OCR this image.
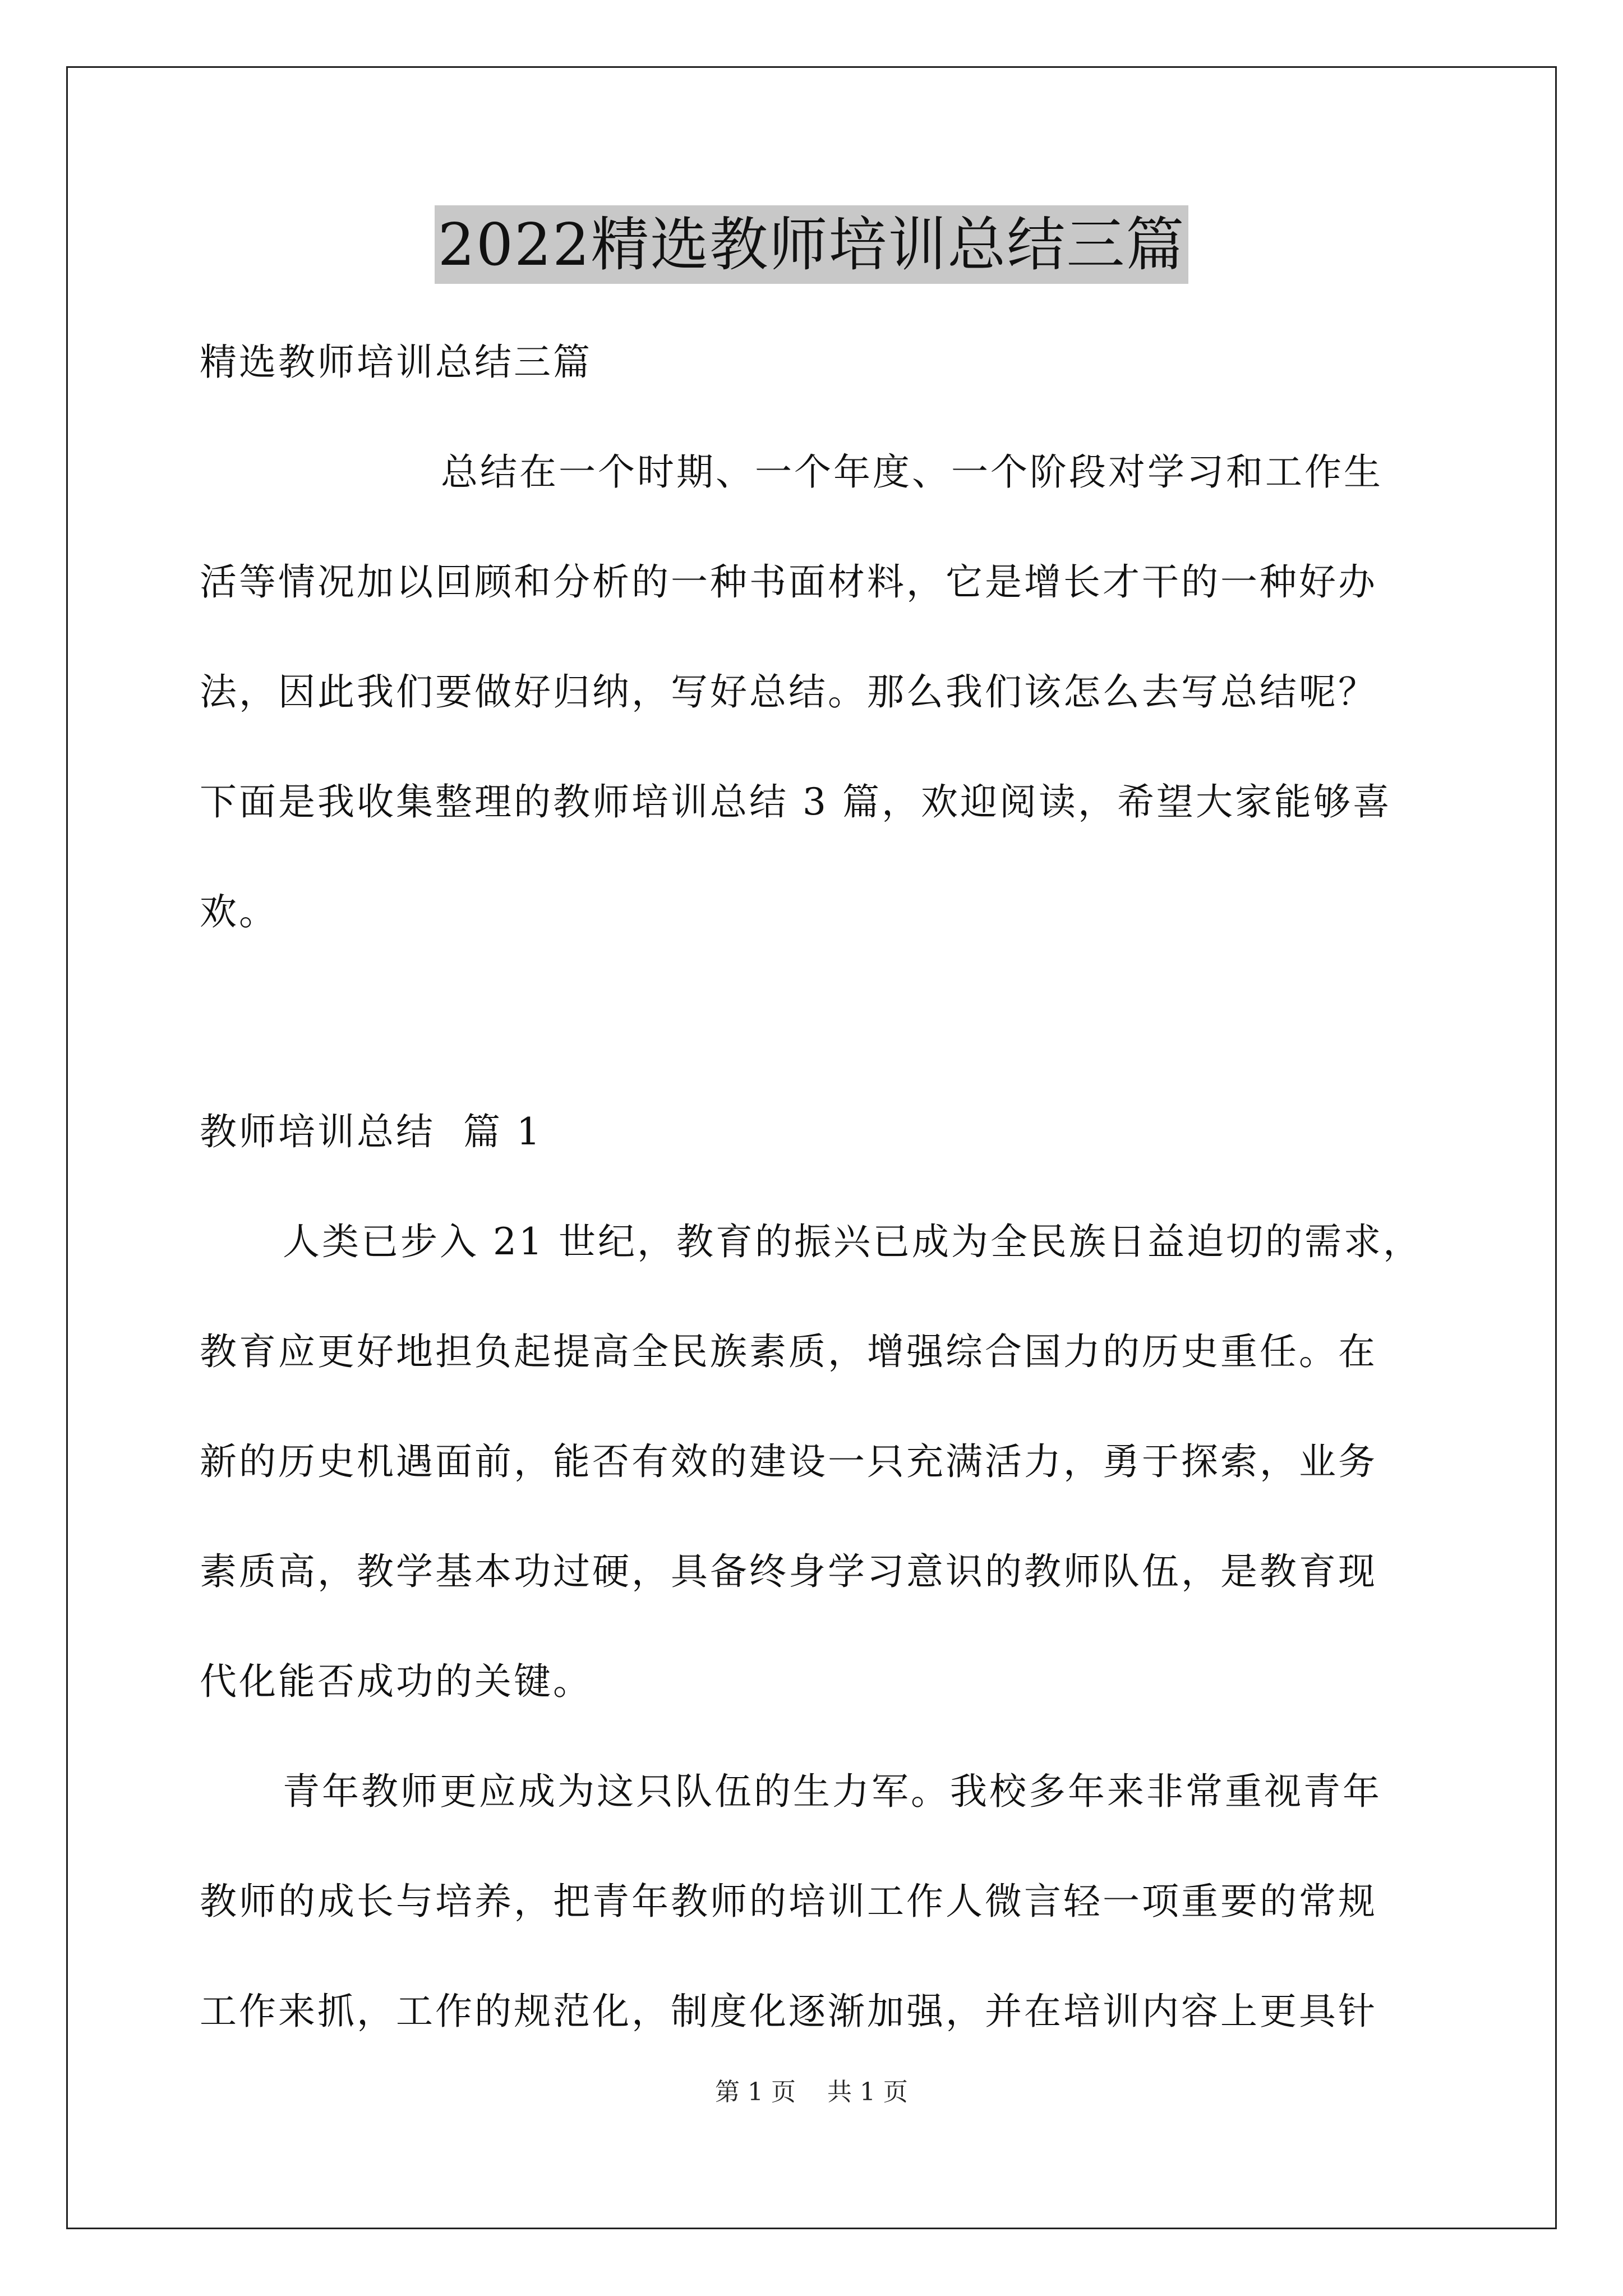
2022精选教师培训总结三篇
精选教师培训总结三篇
总结在一个时期、一个年度、一个阶段对学习和工作生
活等情况加以回顾和分析的一种书面材料，它是增长才干的一种好办
法，因此我们要做好归纳，写好总结。那么我们该怎么去写总结呢？
下面是我收集整理的教师培训总结 3 篇，欢迎阅读，希望大家能够喜
欢。
教师培训总结  篇 1
人类已步入 21 世纪，教育的振兴已成为全民族日益迫切的需求，
教育应更好地担负起提高全民族素质，增强综合国力的历史重任。在
新的历史机遇面前，能否有效的建设一只充满活力，勇于探索，业务
素质高，教学基本功过硬，具备终身学习意识的教师队伍，是教育现
代化能否成功的关键。
青年教师更应成为这只队伍的生力军。我校多年来非常重视青年
教师的成长与培养，把青年教师的培训工作人微言轻一项重要的常规
工作来抓，工作的规范化，制度化逐渐加强，并在培训内容上更具针
第 1 页    共 1 页
